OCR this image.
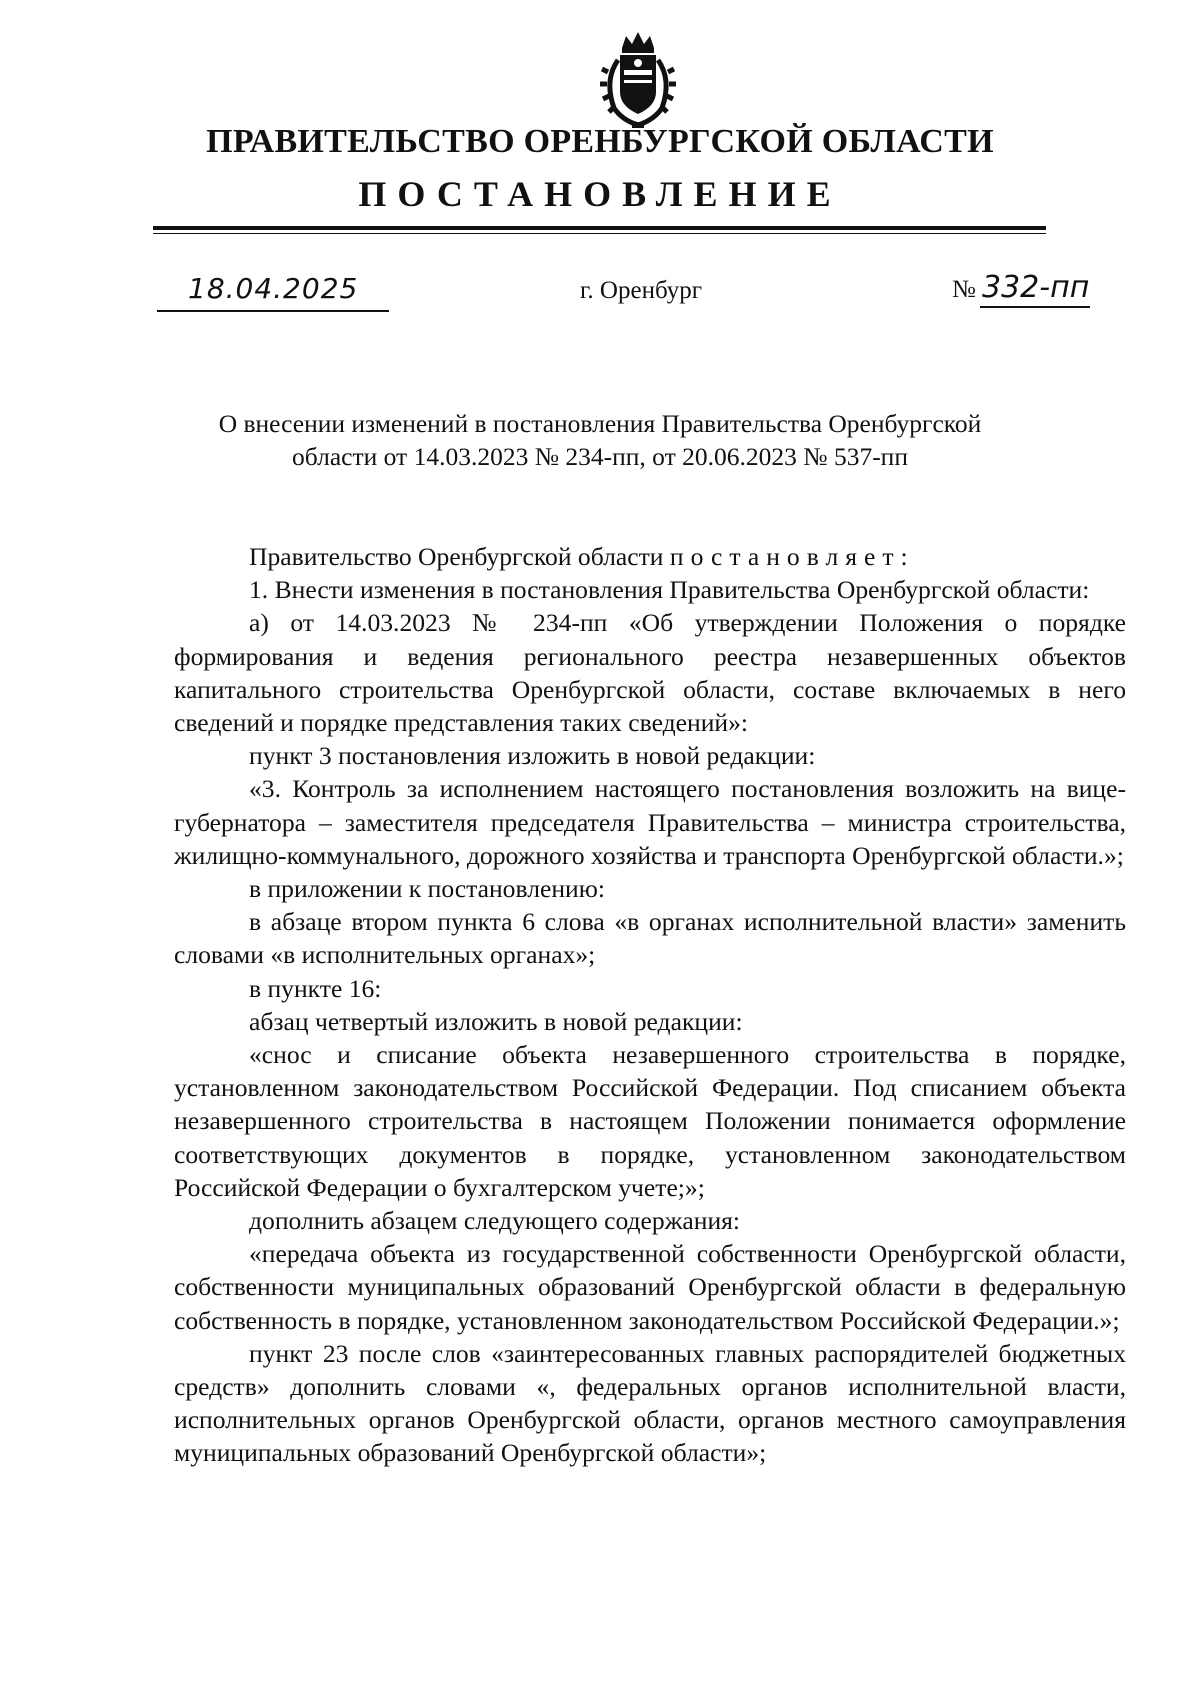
ПРАВИТЕЛЬСТВО ОРЕНБУРГСКОЙ ОБЛАСТИ
ПОСТАНОВЛЕНИЕ
18.04.2025	г. Оренбург	№ 332-пп
О внесении изменений в постановления Правительства Оренбургской
области от 14.03.2023 № 234-пп, от 20.06.2023 № 537-пп

Правительство Оренбургской области постановляет:

1. Внести изменения в постановления Правительства Оренбургской области:

а) от 14.03.2023 № 234-пп «Об утверждении Положения о порядке формирования и ведения регионального реестра незавершенных объектов капитального строительства Оренбургской области, составе включаемых в него сведений и порядке представления таких сведений»:

пункт 3 постановления изложить в новой редакции:

«3. Контроль за исполнением настоящего постановления возложить на вице-губернатора – заместителя председателя Правительства – министра строительства, жилищно-коммунального, дорожного хозяйства и транспорта Оренбургской области.»;

в приложении к постановлению:

в абзаце втором пункта 6 слова «в органах исполнительной власти» заменить словами «в исполнительных органах»;

в пункте 16:

абзац четвертый изложить в новой редакции:

«снос и списание объекта незавершенного строительства в порядке, установленном законодательством Российской Федерации. Под списанием объекта незавершенного строительства в настоящем Положении понимается оформление соответствующих документов в порядке, установленном законодательством Российской Федерации о бухгалтерском учете;»;

дополнить абзацем следующего содержания:

«передача объекта из государственной собственности Оренбургской области, собственности муниципальных образований Оренбургской области в федеральную собственность в порядке, установленном законодательством Российской Федерации.»;

пункт 23 после слов «заинтересованных главных распорядителей бюджетных средств» дополнить словами «, федеральных органов исполнительной власти, исполнительных органов Оренбургской области, органов местного самоуправления муниципальных образований Оренбургской области»;
